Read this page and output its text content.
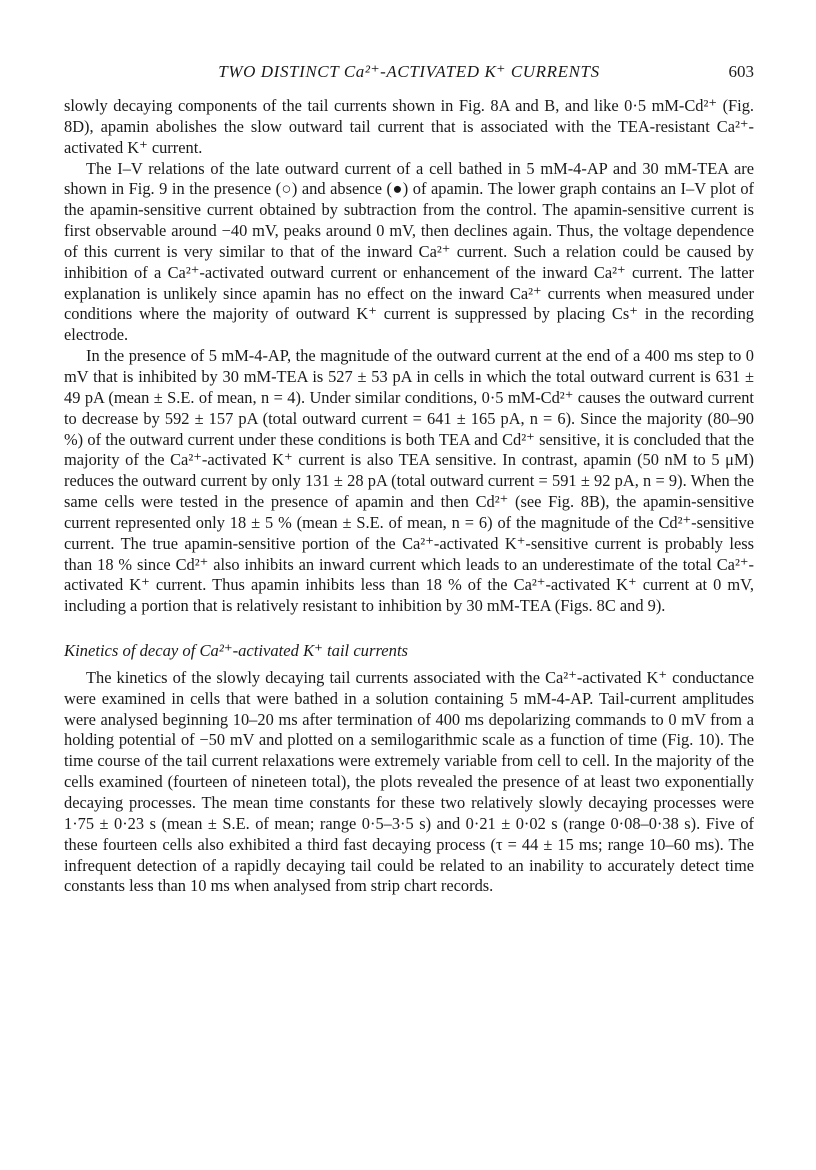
TWO DISTINCT Ca²⁺-ACTIVATED K⁺ CURRENTS	603

slowly decaying components of the tail currents shown in Fig. 8A and B, and like 0·5 mM-Cd²⁺ (Fig. 8D), apamin abolishes the slow outward tail current that is associated with the TEA-resistant Ca²⁺-activated K⁺ current.

The I–V relations of the late outward current of a cell bathed in 5 mM-4-AP and 30 mM-TEA are shown in Fig. 9 in the presence (○) and absence (●) of apamin. The lower graph contains an I–V plot of the apamin-sensitive current obtained by subtraction from the control. The apamin-sensitive current is first observable around −40 mV, peaks around 0 mV, then declines again. Thus, the voltage dependence of this current is very similar to that of the inward Ca²⁺ current. Such a relation could be caused by inhibition of a Ca²⁺-activated outward current or enhancement of the inward Ca²⁺ current. The latter explanation is unlikely since apamin has no effect on the inward Ca²⁺ currents when measured under conditions where the majority of outward K⁺ current is suppressed by placing Cs⁺ in the recording electrode.

In the presence of 5 mM-4-AP, the magnitude of the outward current at the end of a 400 ms step to 0 mV that is inhibited by 30 mM-TEA is 527 ± 53 pA in cells in which the total outward current is 631 ± 49 pA (mean ± S.E. of mean, n = 4). Under similar conditions, 0·5 mM-Cd²⁺ causes the outward current to decrease by 592 ± 157 pA (total outward current = 641 ± 165 pA, n = 6). Since the majority (80–90 %) of the outward current under these conditions is both TEA and Cd²⁺ sensitive, it is concluded that the majority of the Ca²⁺-activated K⁺ current is also TEA sensitive. In contrast, apamin (50 nM to 5 μM) reduces the outward current by only 131 ± 28 pA (total outward current = 591 ± 92 pA, n = 9). When the same cells were tested in the presence of apamin and then Cd²⁺ (see Fig. 8B), the apamin-sensitive current represented only 18 ± 5 % (mean ± S.E. of mean, n = 6) of the magnitude of the Cd²⁺-sensitive current. The true apamin-sensitive portion of the Ca²⁺-activated K⁺-sensitive current is probably less than 18 % since Cd²⁺ also inhibits an inward current which leads to an underestimate of the total Ca²⁺-activated K⁺ current. Thus apamin inhibits less than 18 % of the Ca²⁺-activated K⁺ current at 0 mV, including a portion that is relatively resistant to inhibition by 30 mM-TEA (Figs. 8C and 9).

Kinetics of decay of Ca²⁺-activated K⁺ tail currents

The kinetics of the slowly decaying tail currents associated with the Ca²⁺-activated K⁺ conductance were examined in cells that were bathed in a solution containing 5 mM-4-AP. Tail-current amplitudes were analysed beginning 10–20 ms after termination of 400 ms depolarizing commands to 0 mV from a holding potential of −50 mV and plotted on a semilogarithmic scale as a function of time (Fig. 10). The time course of the tail current relaxations were extremely variable from cell to cell. In the majority of the cells examined (fourteen of nineteen total), the plots revealed the presence of at least two exponentially decaying processes. The mean time constants for these two relatively slowly decaying processes were 1·75 ± 0·23 s (mean ± S.E. of mean; range 0·5–3·5 s) and 0·21 ± 0·02 s (range 0·08–0·38 s). Five of these fourteen cells also exhibited a third fast decaying process (τ = 44 ± 15 ms; range 10–60 ms). The infrequent detection of a rapidly decaying tail could be related to an inability to accurately detect time constants less than 10 ms when analysed from strip chart records.
